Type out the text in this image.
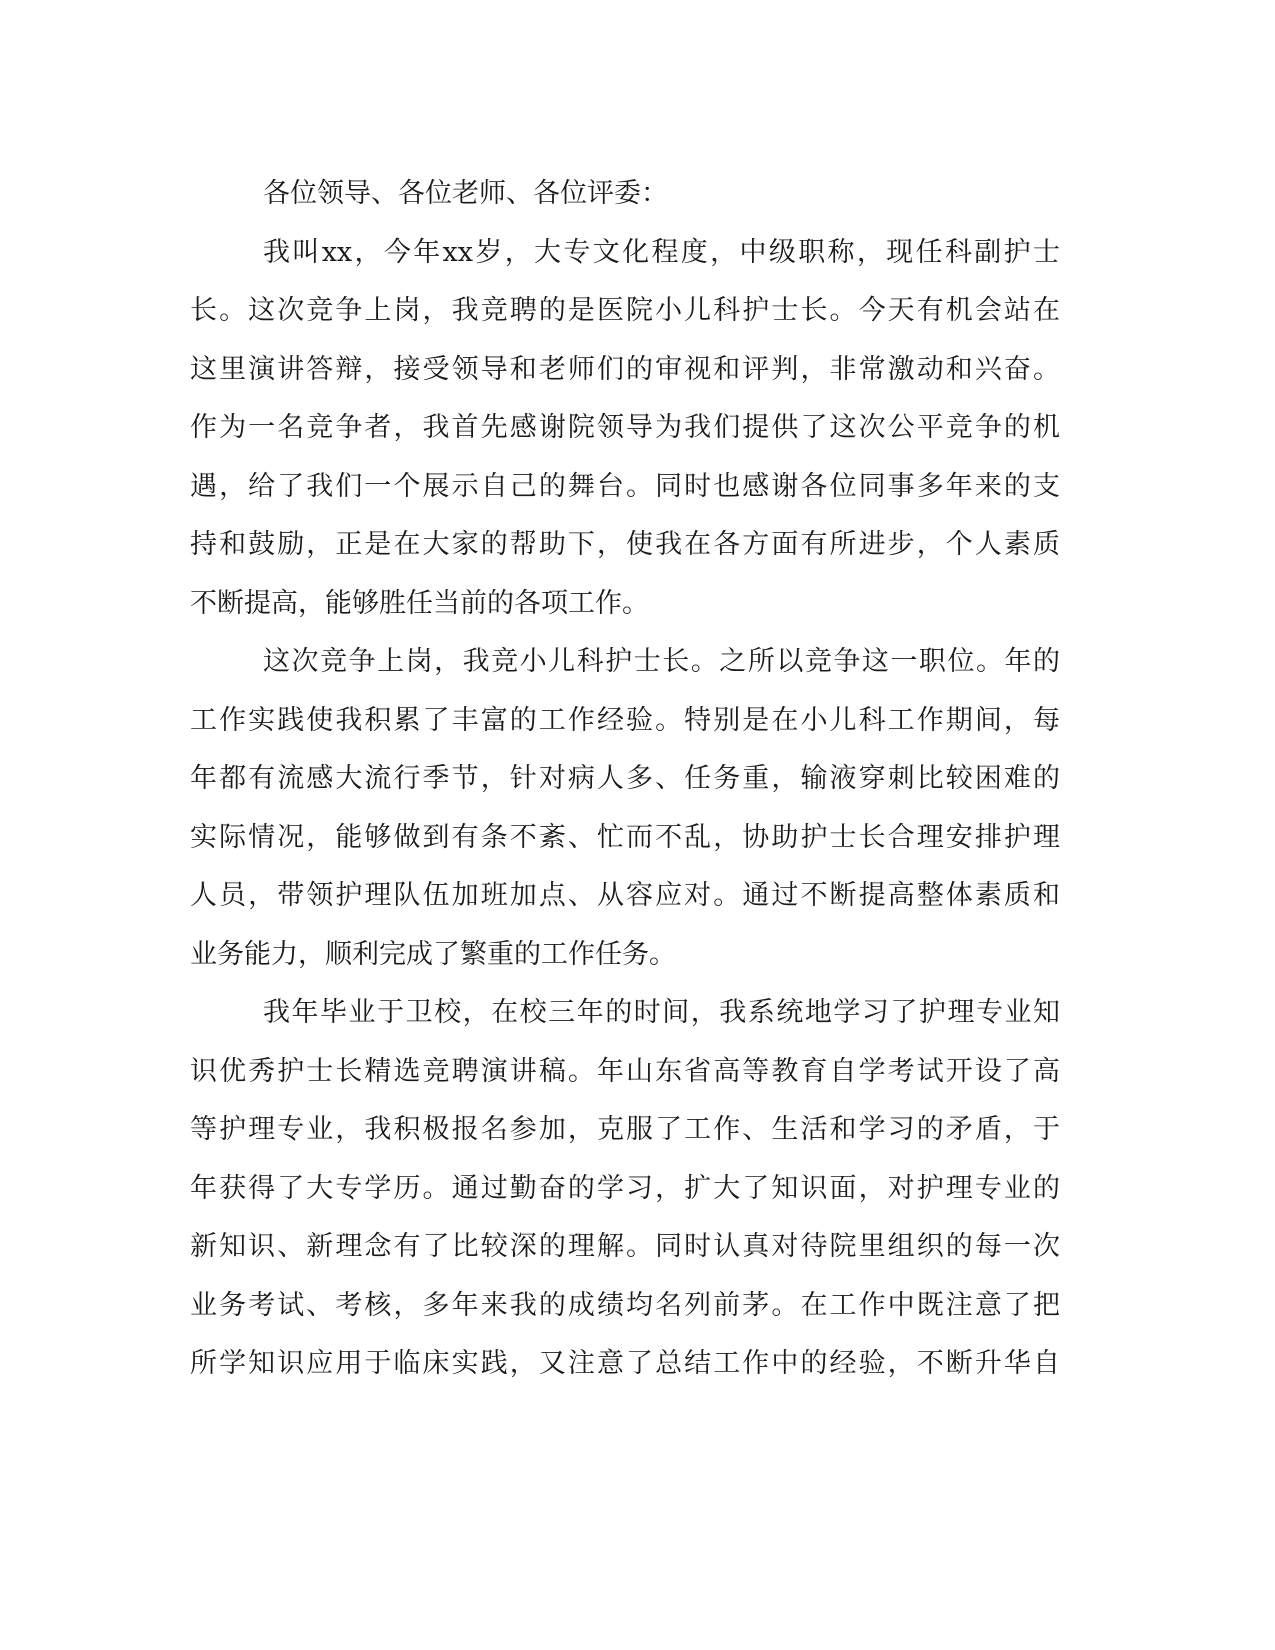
各位领导、各位老师、各位评委：

我叫xx，今年xx岁，大专文化程度，中级职称，现任科副护士
长。这次竞争上岗，我竞聘的是医院小儿科护士长。今天有机会站在
这里演讲答辩，接受领导和老师们的审视和评判，非常激动和兴奋。
作为一名竞争者，我首先感谢院领导为我们提供了这次公平竞争的机
遇，给了我们一个展示自己的舞台。同时也感谢各位同事多年来的支
持和鼓励，正是在大家的帮助下，使我在各方面有所进步，个人素质
不断提高，能够胜任当前的各项工作。
这次竞争上岗，我竞小儿科护士长。之所以竞争这一职位。年的
工作实践使我积累了丰富的工作经验。特别是在小儿科工作期间，每
年都有流感大流行季节，针对病人多、任务重，输液穿刺比较困难的
实际情况，能够做到有条不紊、忙而不乱，协助护士长合理安排护理
人员，带领护理队伍加班加点、从容应对。通过不断提高整体素质和
业务能力，顺利完成了繁重的工作任务。
我年毕业于卫校，在校三年的时间，我系统地学习了护理专业知
识优秀护士长精选竞聘演讲稿。年山东省高等教育自学考试开设了高
等护理专业，我积极报名参加，克服了工作、生活和学习的矛盾，于
年获得了大专学历。通过勤奋的学习，扩大了知识面，对护理专业的
新知识、新理念有了比较深的理解。同时认真对待院里组织的每一次
业务考试、考核，多年来我的成绩均名列前茅。在工作中既注意了把
所学知识应用于临床实践，又注意了总结工作中的经验，不断升华自
